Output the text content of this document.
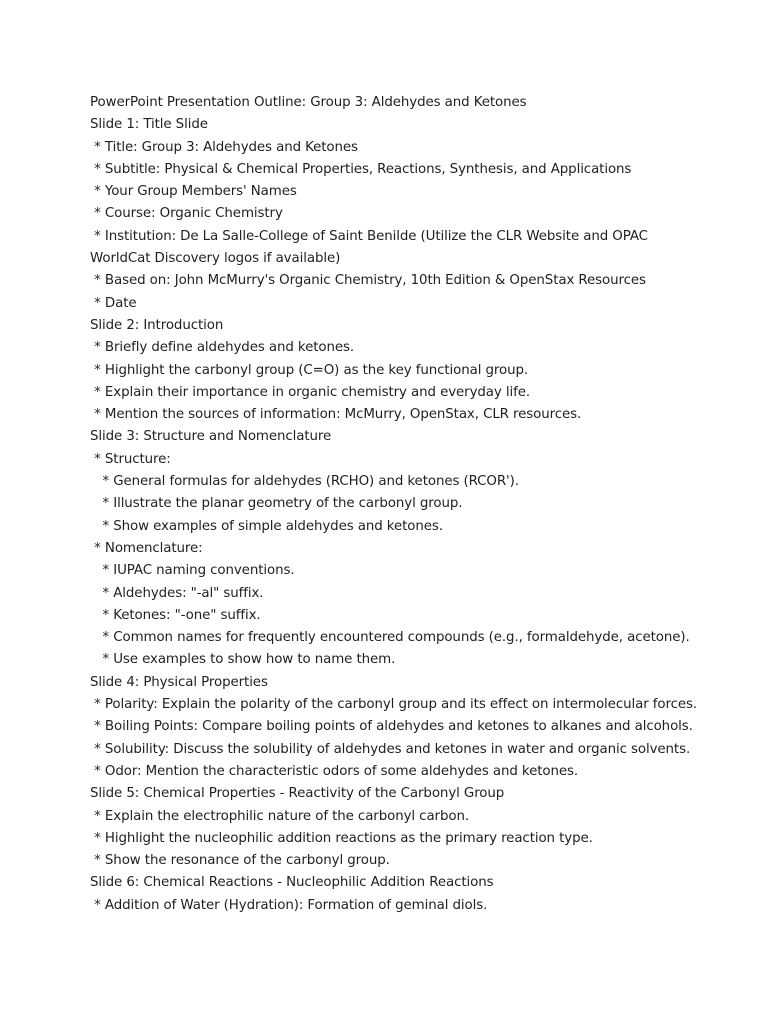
PowerPoint Presentation Outline: Group 3: Aldehydes and Ketones

Slide 1: Title Slide

* Title: Group 3: Aldehydes and Ketones

* Subtitle: Physical & Chemical Properties, Reactions, Synthesis, and Applications

* Your Group Members' Names

* Course: Organic Chemistry

* Institution: De La Salle-College of Saint Benilde (Utilize the CLR Website and OPAC

WorldCat Discovery logos if available)

* Based on: John McMurry's Organic Chemistry, 10th Edition & OpenStax Resources

* Date

Slide 2: Introduction

* Briefly define aldehydes and ketones.

* Highlight the carbonyl group (C=O) as the key functional group.

* Explain their importance in organic chemistry and everyday life.

* Mention the sources of information: McMurry, OpenStax, CLR resources.

Slide 3: Structure and Nomenclature

* Structure:

* General formulas for aldehydes (RCHO) and ketones (RCOR').

* Illustrate the planar geometry of the carbonyl group.

* Show examples of simple aldehydes and ketones.

* Nomenclature:

* IUPAC naming conventions.

* Aldehydes: "-al" suffix.

* Ketones: "-one" suffix.

* Common names for frequently encountered compounds (e.g., formaldehyde, acetone).

* Use examples to show how to name them.

Slide 4: Physical Properties

* Polarity: Explain the polarity of the carbonyl group and its effect on intermolecular forces.

* Boiling Points: Compare boiling points of aldehydes and ketones to alkanes and alcohols.

* Solubility: Discuss the solubility of aldehydes and ketones in water and organic solvents.

* Odor: Mention the characteristic odors of some aldehydes and ketones.

Slide 5: Chemical Properties - Reactivity of the Carbonyl Group

* Explain the electrophilic nature of the carbonyl carbon.

* Highlight the nucleophilic addition reactions as the primary reaction type.

* Show the resonance of the carbonyl group.

Slide 6: Chemical Reactions - Nucleophilic Addition Reactions

* Addition of Water (Hydration): Formation of geminal diols.
